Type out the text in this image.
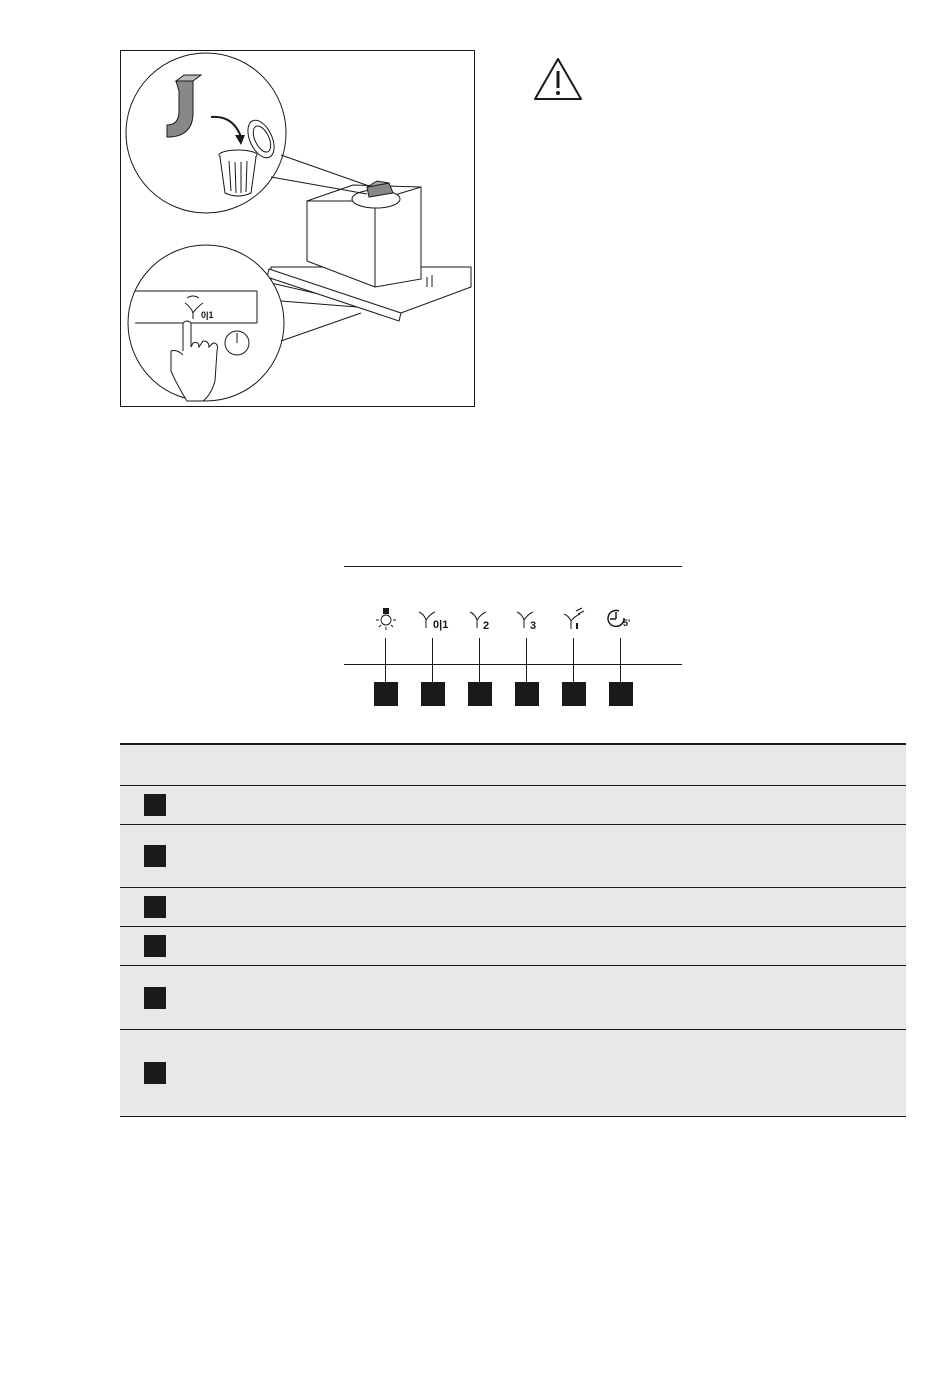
0|1
0|1	2	3	5'
